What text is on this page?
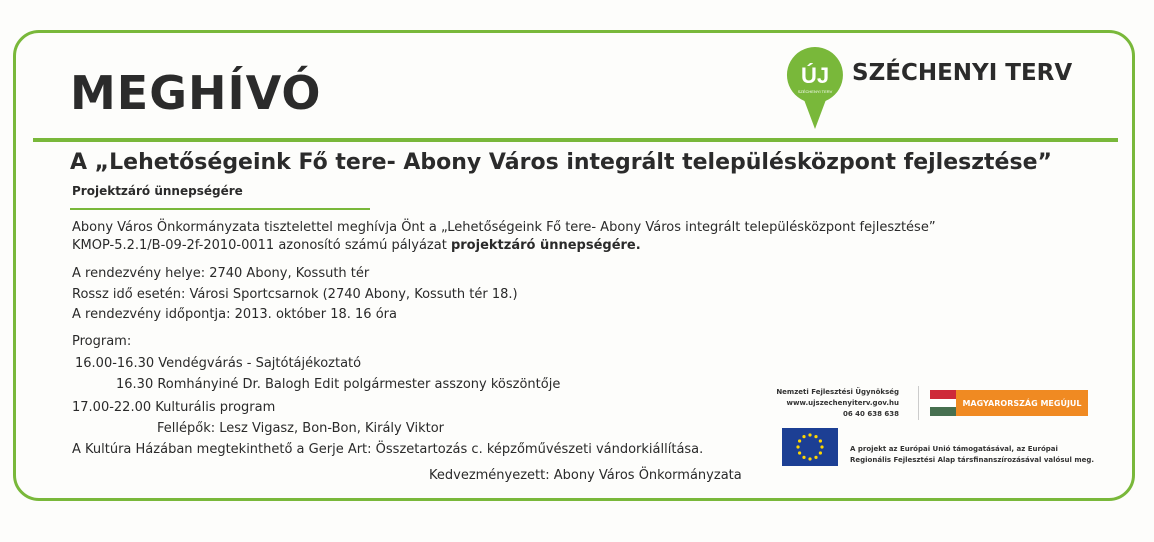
MEGHÍVÓ	ÚJ
SZÉCHENYI TERV

SZÉCHENYI TERV

A „Lehetőségeink Fő tere- Abony Város integrált településközpont fejlesztése”

Projektzáró ünnepségére

Abony Város Önkormányzata tisztelettel meghívja Önt a „Lehetőségeink Fő tere- Abony Város integrált településközpont fejlesztése”

KMOP-5.2.1/B-09-2f-2010-0011 azonosító számú pályázat projektzáró ünnepségére.

A rendezvény helye: 2740 Abony, Kossuth tér

Rossz idő esetén: Városi Sportcsarnok (2740 Abony, Kossuth tér 18.)

A rendezvény időpontja: 2013. október 18. 16 óra

Program:

16.00-16.30 Vendégvárás - Sajtótájékoztató

16.30 Romhányiné Dr. Balogh Edit polgármester asszony köszöntője

17.00-22.00 Kulturális program

Fellépők: Lesz Vigasz, Bon-Bon, Király Viktor

A Kultúra Házában megtekinthető a Gerje Art: Összetartozás c. képzőművészeti vándorkiállítása.

Kedvezményezett: Abony Város Önkormányzata

Nemzeti Fejlesztési Ügynökség

www.ujszechenyiterv.gov.hu

06 40 638 638

MAGYARORSZÁG MEGÚJUL

A projekt az Európai Unió támogatásával, az Európai

Regionális Fejlesztési Alap társfinanszírozásával valósul meg.
